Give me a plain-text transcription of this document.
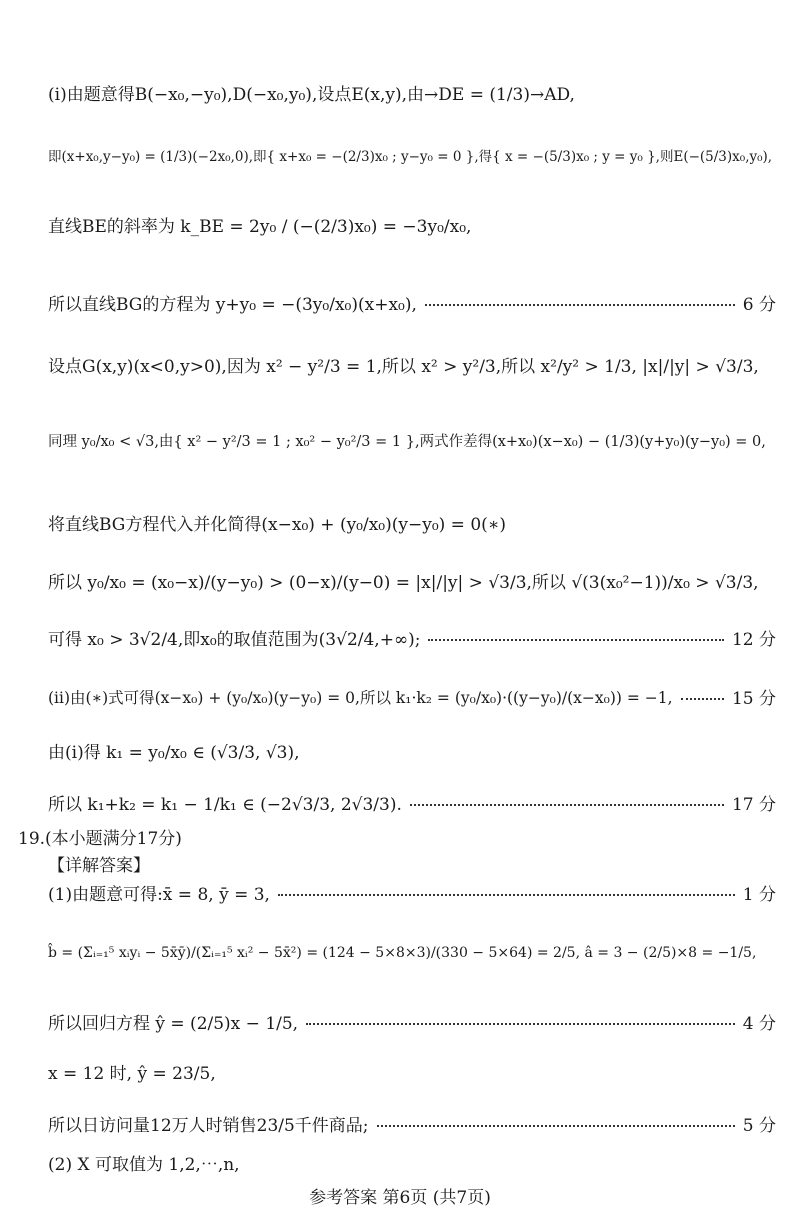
(ⅰ)由题意得B(−x₀,−y₀),D(−x₀,y₀),设点E(x,y),由→DE = (1/3)→AD,
即(x+x₀,y−y₀) = (1/3)(−2x₀,0),即{ x+x₀ = −(2/3)x₀ ; y−y₀ = 0 },得{ x = −(5/3)x₀ ; y = y₀ },则E(−(5/3)x₀,y₀),
直线BE的斜率为 k_BE = 2y₀ / (−(2/3)x₀) = −3y₀/x₀,
所以直线BG的方程为 y+y₀ = −(3y₀/x₀)(x+x₀),	6 分
设点G(x,y)(x<0,y>0),因为 x² − y²/3 = 1,所以 x² > y²/3,所以 x²/y² > 1/3, |x|/|y| > √3/3,
同理 y₀/x₀ < √3,由{ x² − y²/3 = 1 ; x₀² − y₀²/3 = 1 },两式作差得(x+x₀)(x−x₀) − (1/3)(y+y₀)(y−y₀) = 0,
将直线BG方程代入并化简得(x−x₀) + (y₀/x₀)(y−y₀) = 0(∗)
所以 y₀/x₀ = (x₀−x)/(y−y₀) > (0−x)/(y−0) = |x|/|y| > √3/3,所以 √(3(x₀²−1))/x₀ > √3/3,
可得 x₀ > 3√2/4,即x₀的取值范围为(3√2/4,+∞);	12 分
(ⅱ)由(∗)式可得(x−x₀) + (y₀/x₀)(y−y₀) = 0,所以 k₁·k₂ = (y₀/x₀)·((y−y₀)/(x−x₀)) = −1,	15 分
由(ⅰ)得 k₁ = y₀/x₀ ∈ (√3/3, √3),
所以 k₁+k₂ = k₁ − 1/k₁ ∈ (−2√3/3, 2√3/3).	17 分
19.(本小题满分17分)
【详解答案】
(1)由题意可得:x̄ = 8, ȳ = 3,	1 分
b̂ = (Σᵢ₌₁⁵ xᵢyᵢ − 5x̄ȳ)/(Σᵢ₌₁⁵ xᵢ² − 5x̄²) = (124 − 5×8×3)/(330 − 5×64) = 2/5, â = 3 − (2/5)×8 = −1/5,
所以回归方程 ŷ = (2/5)x − 1/5,	4 分
x = 12 时, ŷ = 23/5,
所以日访问量12万人时销售23/5千件商品;	5 分
(2) X 可取值为 1,2,⋯,n,
参考答案 第6页 (共7页)
